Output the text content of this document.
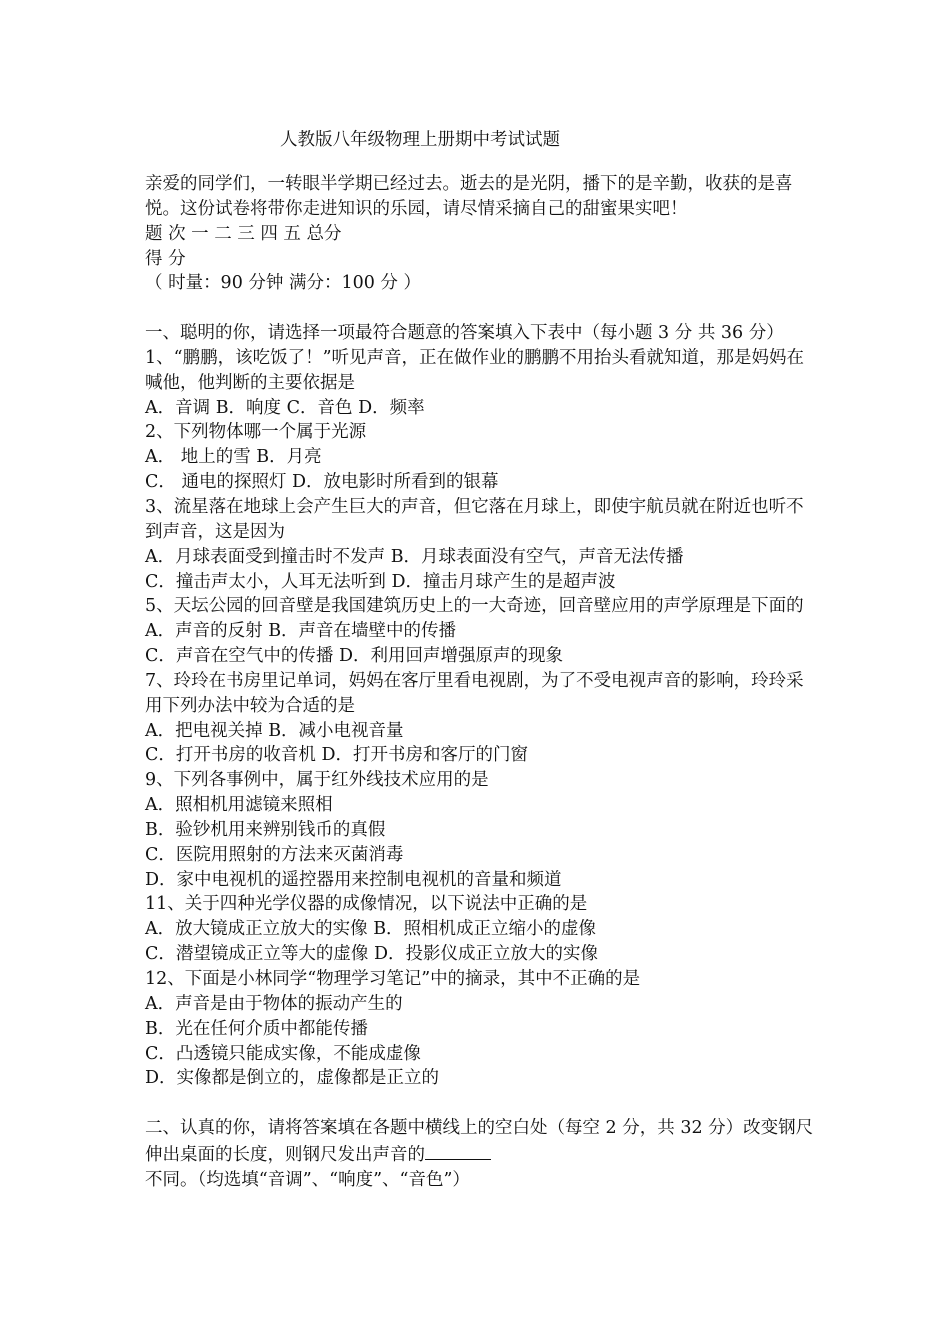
人教版八年级物理上册期中考试试题
亲爱的同学们，一转眼半学期已经过去。逝去的是光阴，播下的是辛勤，收获的是喜悦。这份试卷将带你走进知识的乐园，请尽情采摘自己的甜蜜果实吧！
题 次 一 二 三 四 五 总分
得 分
（ 时量：90 分钟 满分：100 分 ）
一、聪明的你，请选择一项最符合题意的答案填入下表中（每小题 3 分 共 36 分）
1、“鹏鹏，该吃饭了！”听见声音，正在做作业的鹏鹏不用抬头看就知道，那是妈妈在喊他，他判断的主要依据是
A．音调 B．响度 C．音色 D．频率
2、下列物体哪一个属于光源
A． 地上的雪 B．月亮
C． 通电的探照灯 D．放电影时所看到的银幕
3、流星落在地球上会产生巨大的声音，但它落在月球上，即使宇航员就在附近也听不到声音，这是因为
A．月球表面受到撞击时不发声 B．月球表面没有空气，声音无法传播
C．撞击声太小，人耳无法听到 D．撞击月球产生的是超声波
5、天坛公园的回音壁是我国建筑历史上的一大奇迹，回音壁应用的声学原理是下面的
A．声音的反射 B．声音在墙壁中的传播
C．声音在空气中的传播 D．利用回声增强原声的现象
7、玲玲在书房里记单词，妈妈在客厅里看电视剧，为了不受电视声音的影响，玲玲采用下列办法中较为合适的是
A．把电视关掉 B．减小电视音量
C．打开书房的收音机 D．打开书房和客厅的门窗
9、下列各事例中，属于红外线技术应用的是
A．照相机用滤镜来照相
B．验钞机用来辨别钱币的真假
C．医院用照射的方法来灭菌消毒
D．家中电视机的遥控器用来控制电视机的音量和频道
11、关于四种光学仪器的成像情况，以下说法中正确的是
A．放大镜成正立放大的实像 B．照相机成正立缩小的虚像
C．潜望镜成正立等大的虚像 D．投影仪成正立放大的实像
12、下面是小林同学“物理学习笔记”中的摘录，其中不正确的是
A．声音是由于物体的振动产生的
B．光在任何介质中都能传播
C．凸透镜只能成实像，不能成虚像
D．实像都是倒立的，虚像都是正立的
二、认真的你，请将答案填在各题中横线上的空白处（每空 2 分，共 32 分）改变钢尺伸出桌面的长度，则钢尺发出声音的
不同。（均选填“音调”、“响度”、“音色”）
